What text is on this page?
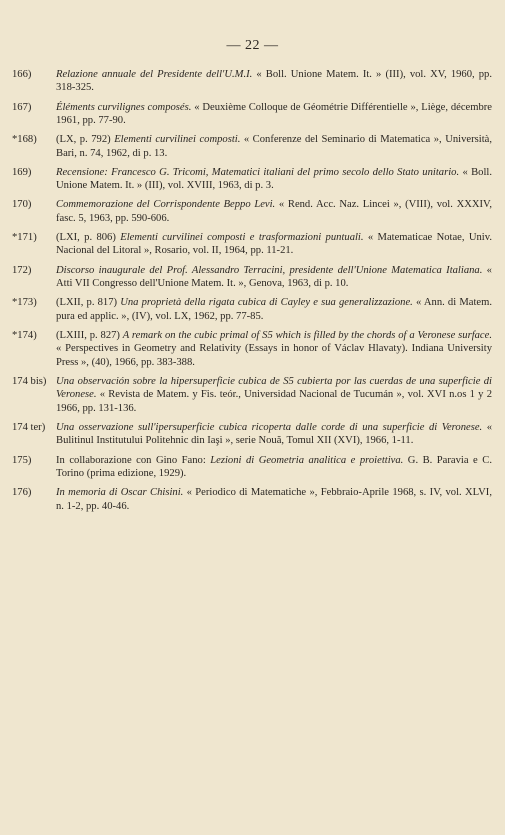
— 22 —
166)	Relazione annuale del Presidente dell'U.M.I. « Boll. Unione Matem. It. » (III), vol. XV, 1960, pp. 318-325.
167)	Éléments curvilignes composés. « Deuxième Colloque de Géométrie Différentielle », Liège, décembre 1961, pp. 77-90.
*168)	(LX, p. 792) Elementi curvilinei composti. « Conferenze del Seminario di Matematica », Università, Bari, n. 74, 1962, di p. 13.
169)	Recensione: Francesco G. Tricomi, Matematici italiani del primo secolo dello Stato unitario. « Boll. Unione Matem. It. » (III), vol. XVIII, 1963, di p. 3.
170)	Commemorazione del Corrispondente Beppo Levi. « Rend. Acc. Naz. Lincei », (VIII), vol. XXXIV, fasc. 5, 1963, pp. 590-606.
*171)	(LXI, p. 806) Elementi curvilinei composti e trasformazioni puntuali. « Matematicae Notae, Univ. Nacional del Litoral », Rosario, vol. II, 1964, pp. 11-21.
172)	Discorso inaugurale del Prof. Alessandro Terracini, presidente dell'Unione Matematica Italiana. « Atti VII Congresso dell'Unione Matem. It. », Genova, 1963, di p. 10.
*173)	(LXII, p. 817) Una proprietà della rigata cubica di Cayley e sua generalizzazione. « Ann. di Matem. pura ed applic. », (IV), vol. LX, 1962, pp. 77-85.
*174)	(LXIII, p. 827) A remark on the cubic primal of S5 which is filled by the chords of a Veronese surface. « Perspectives in Geometry and Relativity (Essays in honor of Václav Hlavaty). Indiana University Press », (40), 1966, pp. 383-388.
174 bis) Una observación sobre la hipersuperficie cubica de S5 cubierta por las cuerdas de una superficie di Veronese. « Revista de Matem. y Fis. teór., Universidad Nacional de Tucumán », vol. XVI n.os 1 y 2 1966, pp. 131-136.
174 ter)	Una osservazione sull'ipersuperficie cubica ricoperta dalle corde di una superficie di Veronese. « Bulitinul Institutului Politehnic din Iaşi », serie Nouă, Tomul XII (XVI), 1966, 1-11.
175)	In collaborazione con Gino Fano: Lezioni di Geometria analitica e proiettiva. G. B. Paravia e C. Torino (prima edizione, 1929).
176)	In memoria di Oscar Chisini. « Periodico di Matematiche », Febbraio-Aprile 1968, s. IV, vol. XLVI, n. 1-2, pp. 40-46.
